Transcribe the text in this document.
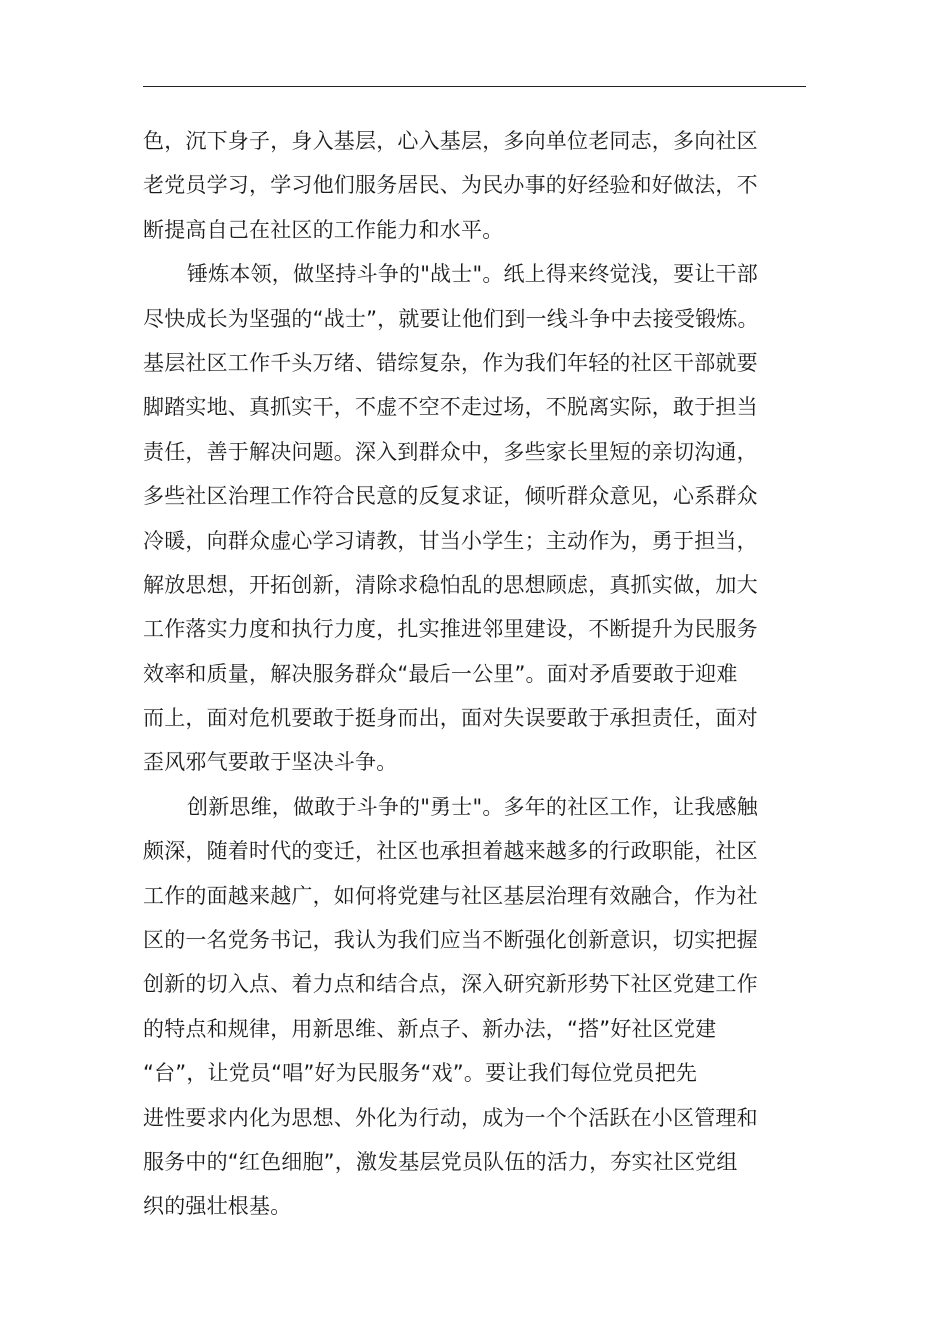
色，沉下身子，身入基层，心入基层，多向单位老同志，多向社区
老党员学习，学习他们服务居民、为民办事的好经验和好做法，不
断提高自己在社区的工作能力和水平。
锤炼本领，做坚持斗争的"战士"。纸上得来终觉浅，要让干部
尽快成长为坚强的“战士”，就要让他们到一线斗争中去接受锻炼。
基层社区工作千头万绪、错综复杂，作为我们年轻的社区干部就要
脚踏实地、真抓实干，不虚不空不走过场，不脱离实际，敢于担当
责任，善于解决问题。深入到群众中，多些家长里短的亲切沟通，
多些社区治理工作符合民意的反复求证，倾听群众意见，心系群众
冷暖，向群众虚心学习请教，甘当小学生；主动作为，勇于担当，
解放思想，开拓创新，清除求稳怕乱的思想顾虑，真抓实做，加大
工作落实力度和执行力度，扎实推进邻里建设，不断提升为民服务
效率和质量，解决服务群众“最后一公里”。面对矛盾要敢于迎难
而上，面对危机要敢于挺身而出，面对失误要敢于承担责任，面对
歪风邪气要敢于坚决斗争。
创新思维，做敢于斗争的"勇士"。多年的社区工作，让我感触
颇深，随着时代的变迁，社区也承担着越来越多的行政职能，社区
工作的面越来越广，如何将党建与社区基层治理有效融合，作为社
区的一名党务书记，我认为我们应当不断强化创新意识，切实把握
创新的切入点、着力点和结合点，深入研究新形势下社区党建工作
的特点和规律，用新思维、新点子、新办法，“搭”好社区党建
“台”，让党员“唱”好为民服务“戏”。要让我们每位党员把先
进性要求内化为思想、外化为行动，成为一个个活跃在小区管理和
服务中的“红色细胞”，激发基层党员队伍的活力，夯实社区党组
织的强壮根基。
